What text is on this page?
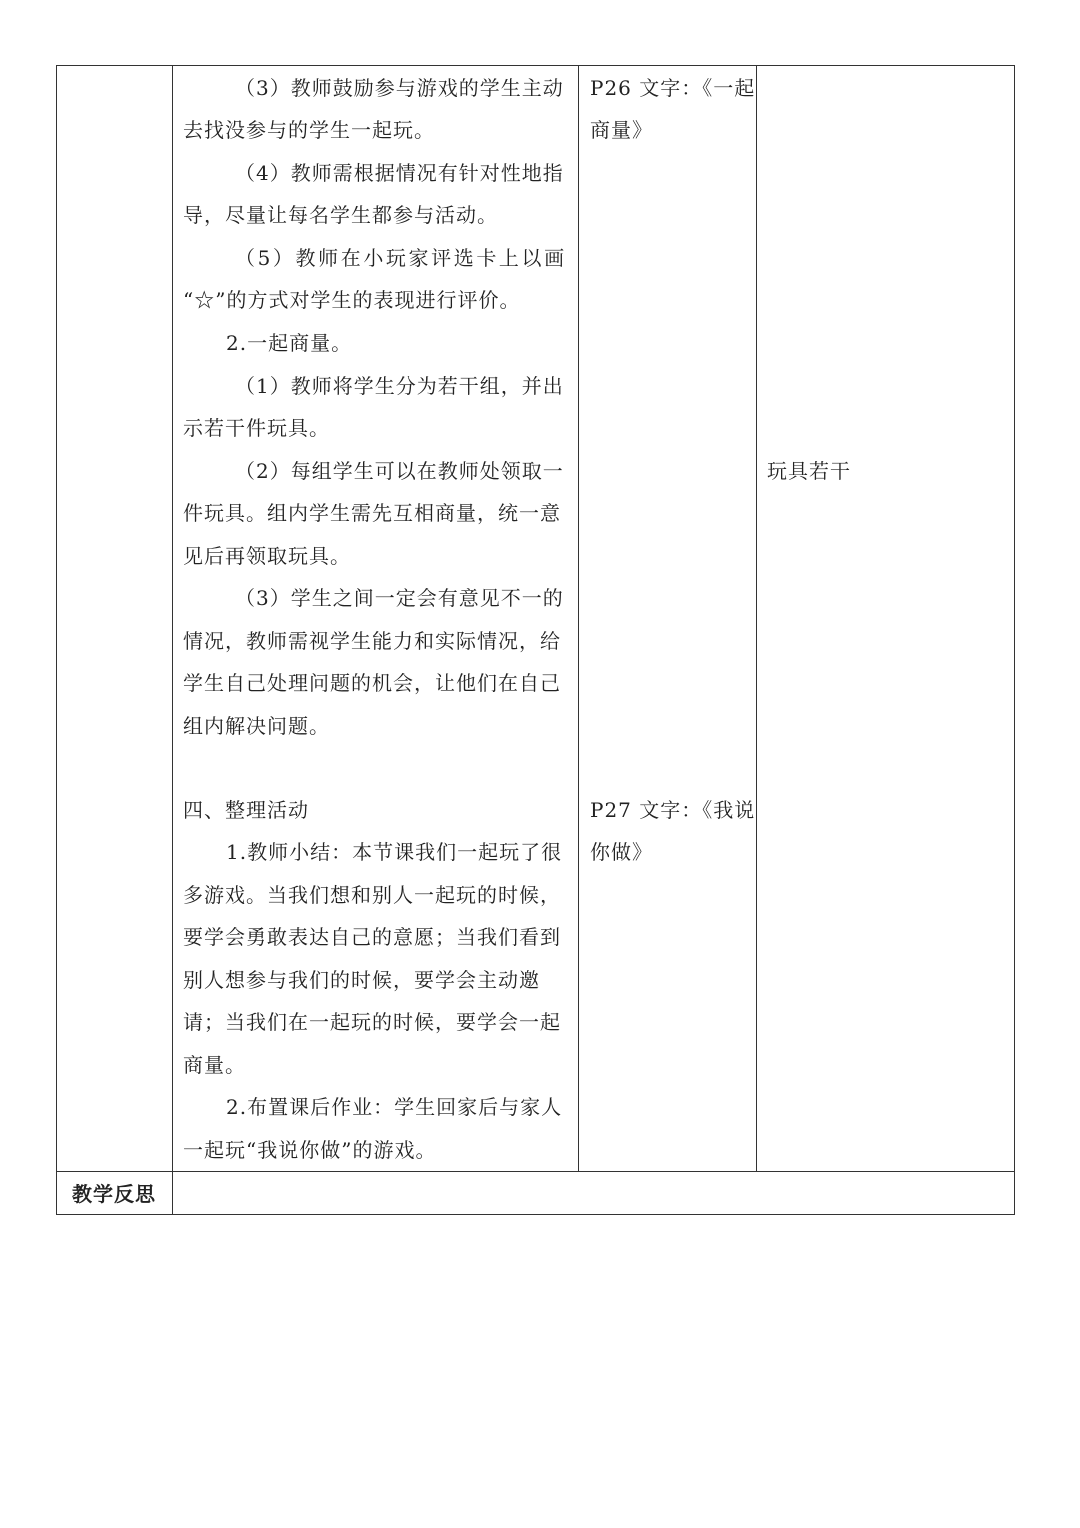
（3）教师鼓励参与游戏的学生主动

去找没参与的学生一起玩。

（4）教师需根据情况有针对性地指

导，尽量让每名学生都参与活动。

（5）教师在小玩家评选卡上以画

“☆”的方式对学生的表现进行评价。

2.一起商量。

（1）教师将学生分为若干组，并出

示若干件玩具。

（2）每组学生可以在教师处领取一

件玩具。组内学生需先互相商量，统一意

见后再领取玩具。

（3）学生之间一定会有意见不一的

情况，教师需视学生能力和实际情况，给

学生自己处理问题的机会，让他们在自己

组内解决问题。

四、整理活动

1.教师小结：本节课我们一起玩了很

多游戏。当我们想和别人一起玩的时候，

要学会勇敢表达自己的意愿；当我们看到

别人想参与我们的时候，要学会主动邀

请；当我们在一起玩的时候，要学会一起

商量。

2.布置课后作业：学生回家后与家人

一起玩“我说你做”的游戏。

P26 文字：《一起

商量》

P27 文字：《我说

你做》

玩具若干

教学反思
